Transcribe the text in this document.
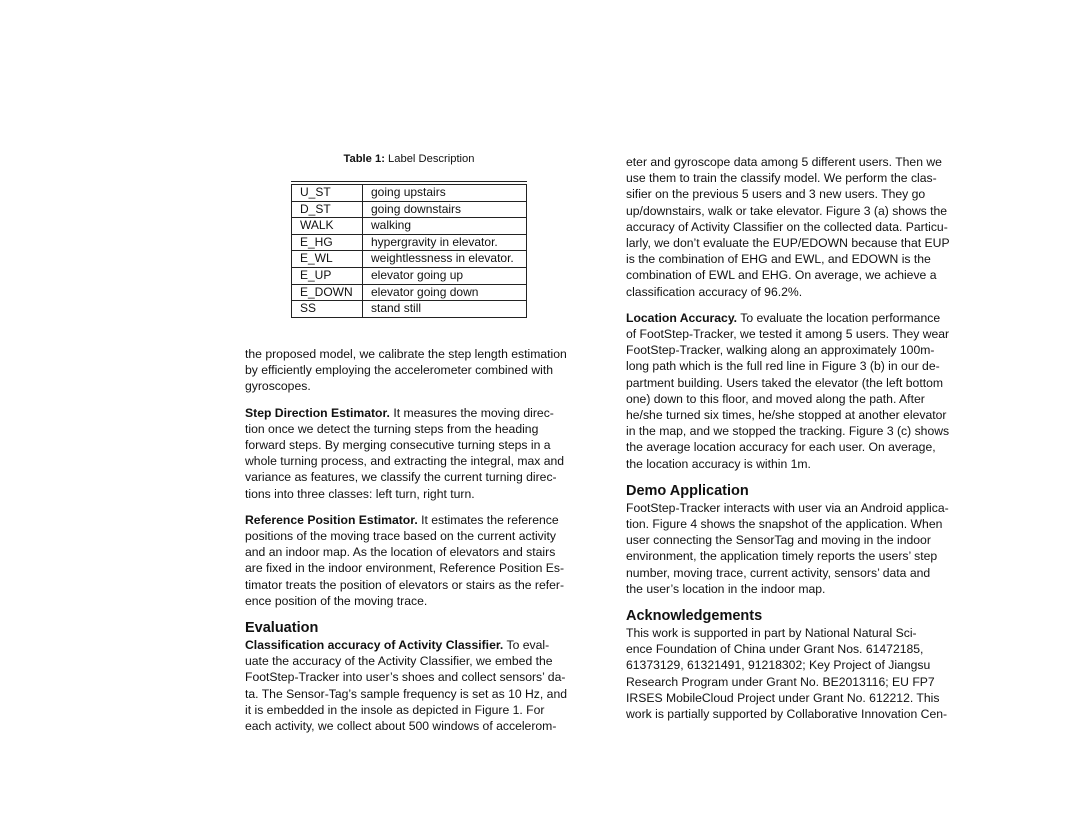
Table 1: Label Description
U_ST	going upstairs
D_ST	going downstairs
WALK	walking
E_HG	hypergravity in elevator.
E_WL	weightlessness in elevator.
E_UP	elevator going up
E_DOWN	elevator going down
SS	stand still
the proposed model, we calibrate the step length estimation
by efficiently employing the accelerometer combined with
gyroscopes.
Step Direction Estimator. It measures the moving direc-
tion once we detect the turning steps from the heading
forward steps. By merging consecutive turning steps in a
whole turning process, and extracting the integral, max and
variance as features, we classify the current turning direc-
tions into three classes: left turn, right turn.
Reference Position Estimator. It estimates the reference
positions of the moving trace based on the current activity
and an indoor map. As the location of elevators and stairs
are fixed in the indoor environment, Reference Position Es-
timator treats the position of elevators or stairs as the refer-
ence position of the moving trace.
Evaluation
Classification accuracy of Activity Classifier. To eval-
uate the accuracy of the Activity Classifier, we embed the
FootStep-Tracker into user’s shoes and collect sensors’ da-
ta. The Sensor-Tag’s sample frequency is set as 10 Hz, and
it is embedded in the insole as depicted in Figure 1. For
each activity, we collect about 500 windows of accelerom-
eter and gyroscope data among 5 different users. Then we
use them to train the classify model. We perform the clas-
sifier on the previous 5 users and 3 new users. They go
up/downstairs, walk or take elevator. Figure 3 (a) shows the
accuracy of Activity Classifier on the collected data. Particu-
larly, we don’t evaluate the EUP/EDOWN because that EUP
is the combination of EHG and EWL, and EDOWN is the
combination of EWL and EHG. On average, we achieve a
classification accuracy of 96.2%.
Location Accuracy. To evaluate the location performance
of FootStep-Tracker, we tested it among 5 users. They wear
FootStep-Tracker, walking along an approximately 100m-
long path which is the full red line in Figure 3 (b) in our de-
partment building. Users taked the elevator (the left bottom
one) down to this floor, and moved along the path. After
he/she turned six times, he/she stopped at another elevator
in the map, and we stopped the tracking. Figure 3 (c) shows
the average location accuracy for each user. On average,
the location accuracy is within 1m.
Demo Application
FootStep-Tracker interacts with user via an Android applica-
tion. Figure 4 shows the snapshot of the application. When
user connecting the SensorTag and moving in the indoor
environment, the application timely reports the users’ step
number, moving trace, current activity, sensors’ data and
the user’s location in the indoor map.
Acknowledgements
This work is supported in part by National Natural Sci-
ence Foundation of China under Grant Nos. 61472185,
61373129, 61321491, 91218302; Key Project of Jiangsu
Research Program under Grant No. BE2013116; EU FP7
IRSES MobileCloud Project under Grant No. 612212. This
work is partially supported by Collaborative Innovation Cen-
